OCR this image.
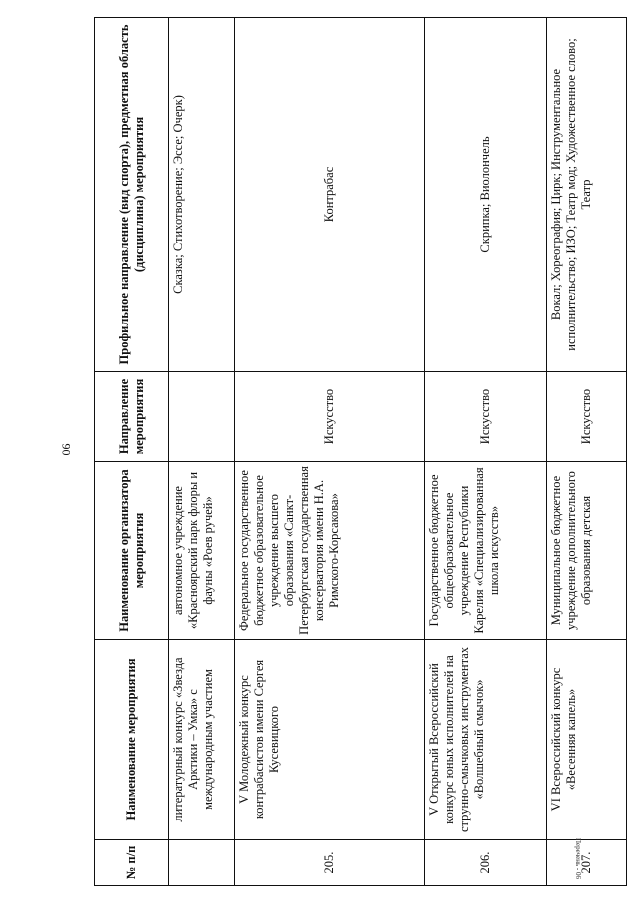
90
№ п/п	Наименование мероприятия	Наименование организатора мероприятия	Направление мероприятия	Профильное направление (вид спорта), предметная область (дисциплина) мероприятия
	литературный конкурс «Звезда Арктики – Умка» с международным участием	автономное учреждение «Красноярский парк флоры и фауны «Роев ручей»		Сказка; Стихотворение; Эссе; Очерк)
205.	V Молодежный конкурс контрабасистов имени Сергея Кусевицкого	Федеральное государственное бюджетное образовательное учреждение высшего образования «Санкт-Петербургская государственная консерватория имени Н.А. Римского-Корсакова»	Искусство	Контрабас
206.	V Открытый Всероссийский конкурс юных исполнителей на струнно-смычковых инструментах «Волшебный смычок»	Государственное бюджетное общеобразовательное учреждение Республики Карелия «Специализированная школа искусств»	Искусство	Скрипка; Виолончель
207.	VI Всероссийский конкурс «Весенняя капель»	Муниципальное бюджетное учреждение дополнительного образования детская	Искусство	Вокал; Хореография; Цирк; Инструментальное исполнительство; ИЗО; Театр мод; Художественное слово; Театр
Перечень - 06
